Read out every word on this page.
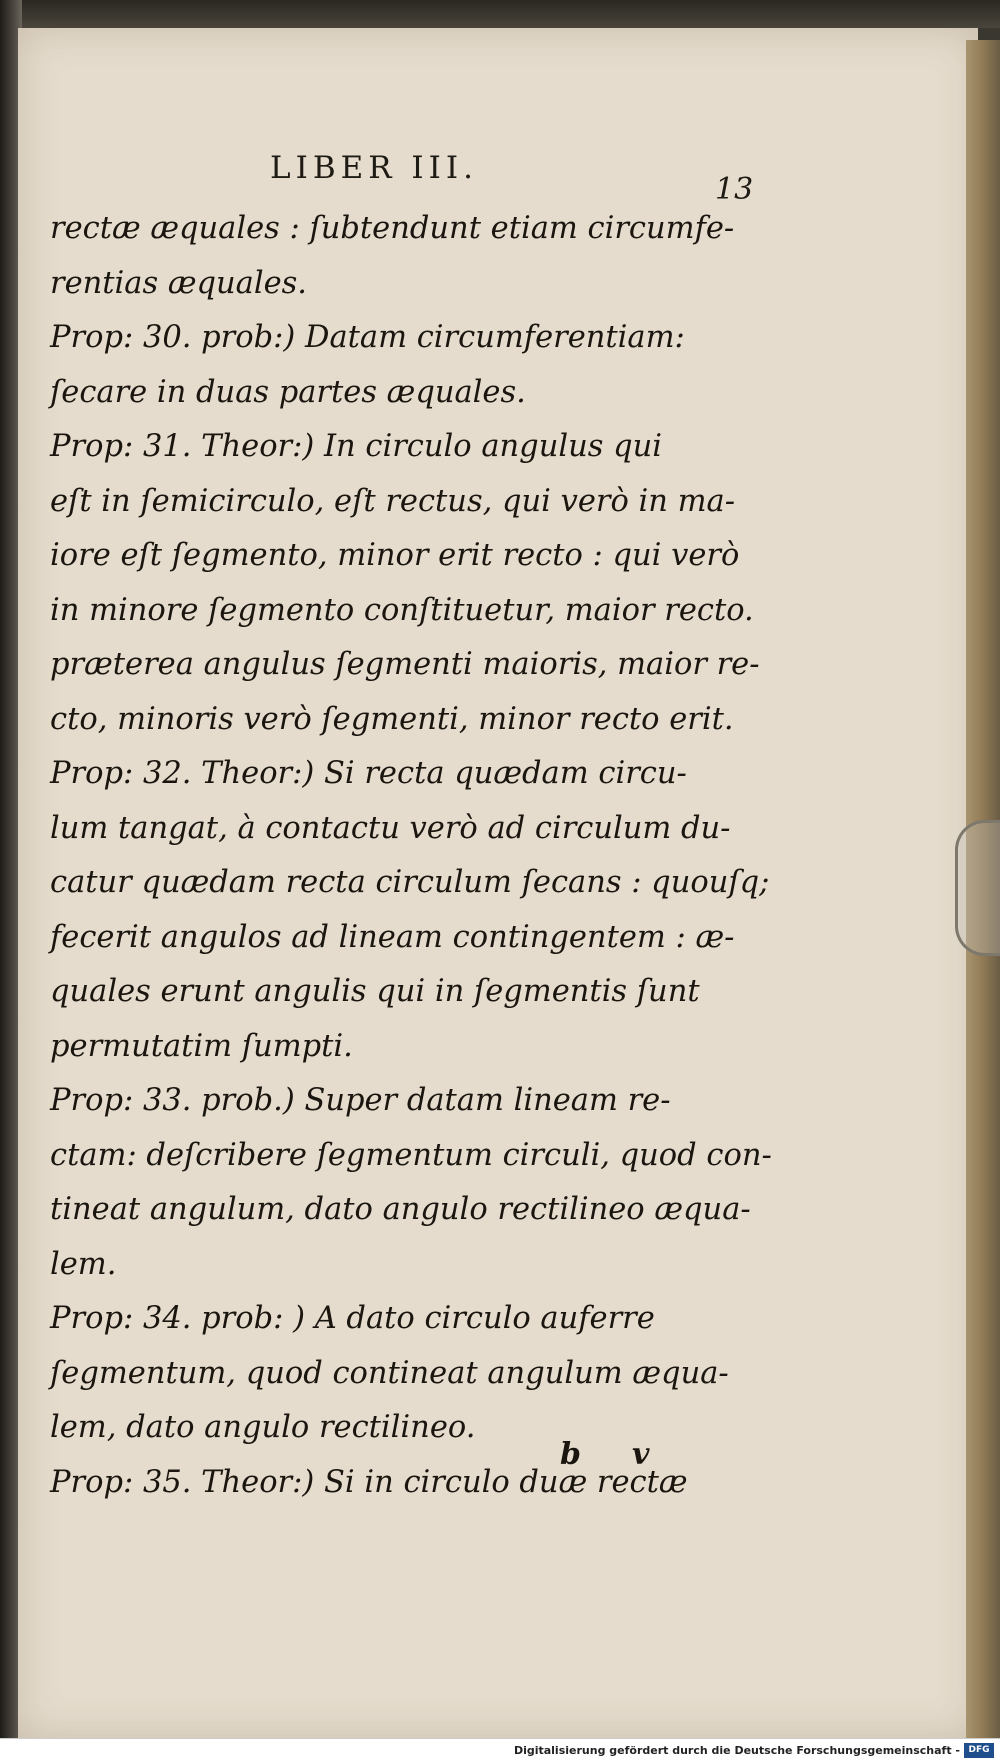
LIBER III.
13
rectæ æquales : ſubtendunt etiam circumfe-
rentias æquales.
Prop: 30. prob:) Datam circumferentiam:
ſecare in duas partes æquales.
Prop: 31. Theor:) In circulo angulus qui
eſt in ſemicirculo, eſt rectus, qui verò in ma-
iore eſt ſegmento, minor erit recto : qui verò
in minore ſegmento conſtituetur, maior recto.
præterea angulus ſegmenti maioris, maior re-
cto, minoris verò ſegmenti, minor recto erit.
Prop: 32. Theor:) Si recta quædam circu-
lum tangat, à contactu verò ad circulum du-
catur quædam recta circulum ſecans : quouſq;
fecerit angulos ad lineam contingentem : æ-
quales erunt angulis qui in ſegmentis ſunt
permutatim ſumpti.
Prop: 33. prob.) Super datam lineam re-
ctam: deſcribere ſegmentum circuli, quod con-
tineat angulum, dato angulo rectilineo æqua-
lem.
Prop: 34. prob: ) A dato circulo auferre
ſegmentum, quod contineat angulum æqua-
lem, dato angulo rectilineo.
Prop: 35. Theor:) Si in circulo duæ rectæ
b v
Digitalisierung gefördert durch die Deutsche Forschungsgemeinschaft - DFG
